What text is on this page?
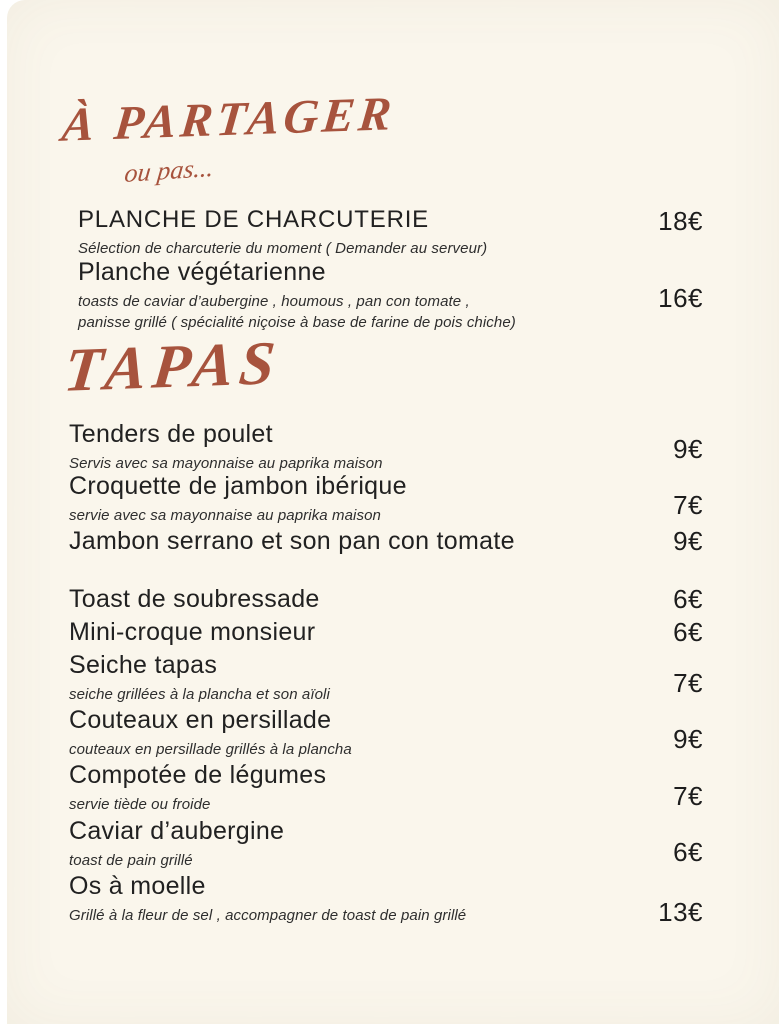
À PARTAGER
ou pas...
PLANCHE DE CHARCUTERIE
Sélection de charcuterie du moment ( Demander au serveur)
18€
Planche végétarienne
toasts de caviar d’aubergine , houmous , pan con tomate , panisse grillé ( spécialité niçoise à base de farine de pois chiche)
16€
TAPAS
Tenders de poulet
Servis avec sa mayonnaise au paprika maison	9€
Croquette de jambon ibérique
servie avec sa mayonnaise au paprika maison	7€
Jambon serrano et son pan con tomate	9€
Toast de soubressade	6€
Mini-croque monsieur	6€
Seiche tapas
seiche grillées à la plancha et son aïoli	7€
Couteaux en persillade
couteaux en persillade grillés à la plancha	9€
Compotée de légumes
servie tiède ou froide	7€
Caviar d’aubergine
toast de pain grillé	6€
Os à moelle
Grillé à la fleur de sel , accompagner de toast de pain grillé	13€
